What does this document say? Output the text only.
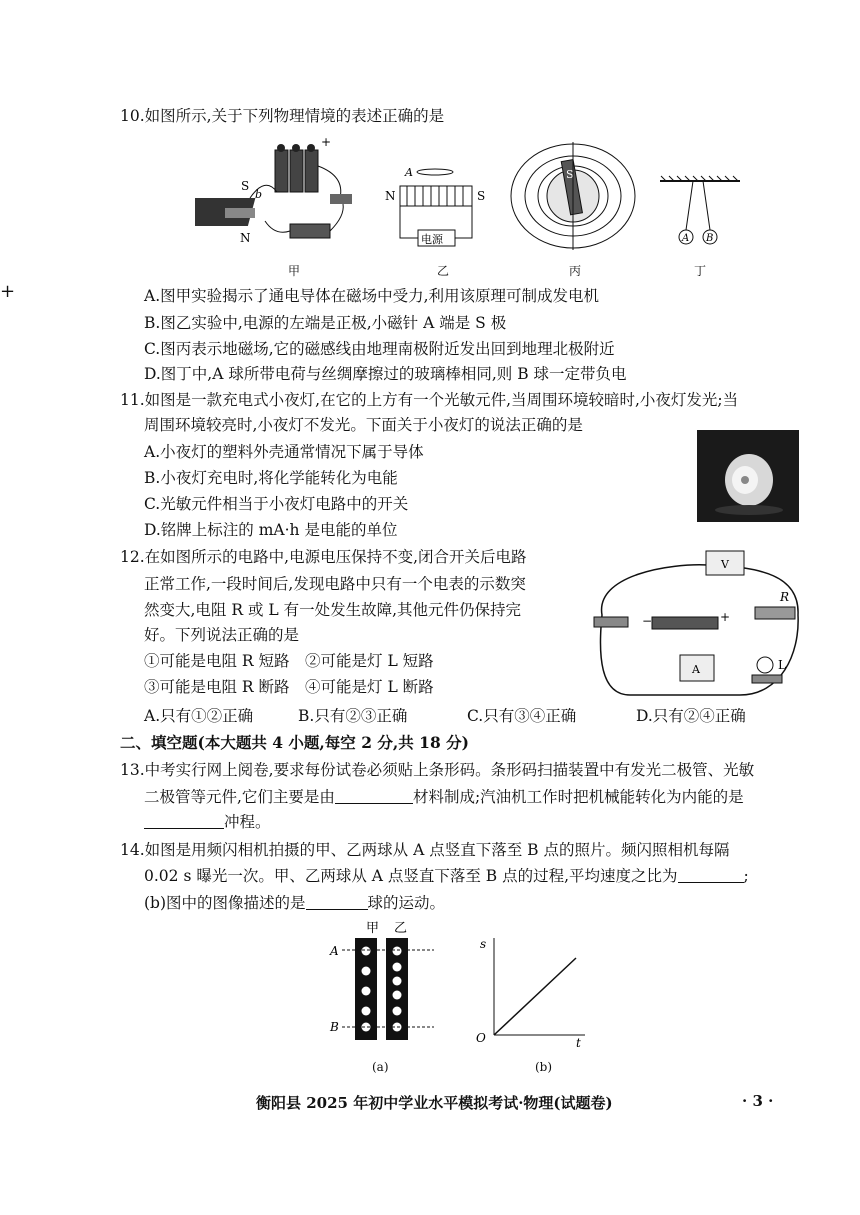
+
10.如图所示,关于下列物理情境的表述正确的是
S
b
N
+
甲
A
N	S
电源
乙
S
丙
A B
丁
A.图甲实验揭示了通电导体在磁场中受力,利用该原理可制成发电机
B.图乙实验中,电源的左端是正极,小磁针 A 端是 S 极
C.图丙表示地磁场,它的磁感线由地理南极附近发出回到地理北极附近
D.图丁中,A 球所带电荷与丝绸摩擦过的玻璃棒相同,则 B 球一定带负电
11.如图是一款充电式小夜灯,在它的上方有一个光敏元件,当周围环境较暗时,小夜灯发光;当
周围环境较亮时,小夜灯不发光。下面关于小夜灯的说法正确的是
A.小夜灯的塑料外壳通常情况下属于导体
B.小夜灯充电时,将化学能转化为电能
C.光敏元件相当于小夜灯电路中的开关
D.铭牌上标注的 mA·h 是电能的单位
12.在如图所示的电路中,电源电压保持不变,闭合开关后电路
正常工作,一段时间后,发现电路中只有一个电表的示数突
然变大,电阻 R 或 L 有一处发生故障,其他元件仍保持完
好。下列说法正确的是
①可能是电阻 R 短路　②可能是灯 L 短路
③可能是电阻 R 断路　④可能是灯 L 断路
A.只有①②正确	B.只有②③正确	C.只有③④正确	D.只有②④正确
V
−	+
R
A	L
二、填空题(本大题共 4 小题,每空 2 分,共 18 分)
13.中考实行网上阅卷,要求每份试卷必须贴上条形码。条形码扫描装置中有发光二极管、光敏
二极管等元件,它们主要是由	材料制成;汽油机工作时把机械能转化为内能的是
冲程。
14.如图是用频闪相机拍摄的甲、乙两球从 A 点竖直下落至 B 点的照片。频闪照相机每隔
0.02 s 曝光一次。甲、乙两球从 A 点竖直下落至 B 点的过程,平均速度之比为	;
(b)图中的图像描述的是	球的运动。
甲 乙
A
B
(a)
s
O	t
(b)
衡阳县 2025 年初中学业水平模拟考试·物理(试题卷)	· 3 ·
